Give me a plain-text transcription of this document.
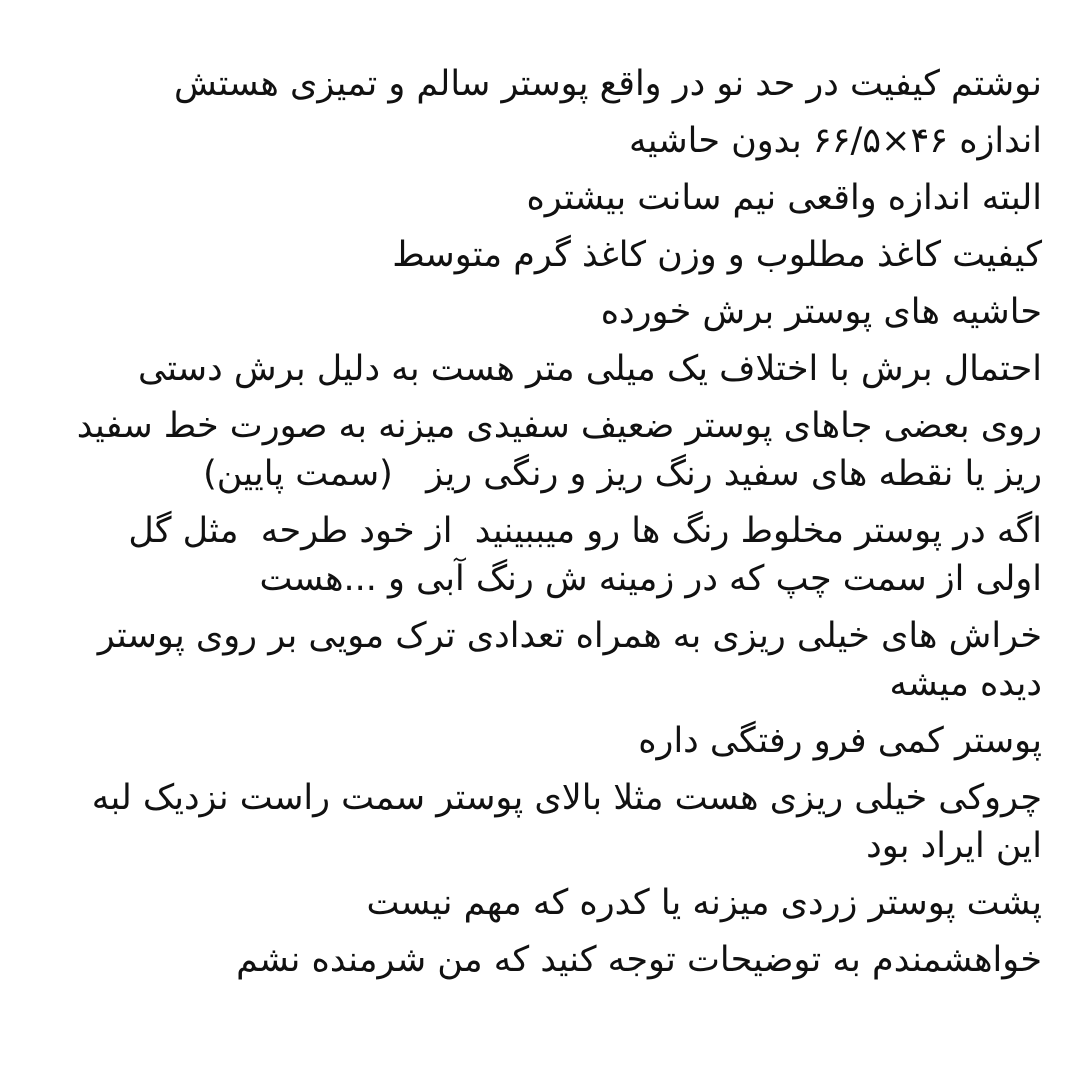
نوشتم کیفیت در حد نو در واقع پوستر سالم و تمیزی هستش

اندازه ۴۶×۶۶/۵ بدون حاشیه

البته اندازه واقعی نیم سانت بیشتره

کیفیت کاغذ مطلوب و وزن کاغذ گرم متوسط

حاشیه های پوستر برش خورده

احتمال برش با اختلاف یک میلی متر هست به دلیل برش دستی

روی بعضی جاهای پوستر ضعیف سفیدی میزنه به صورت خط سفید
ریز یا نقطه های سفید رنگ ریز و رنگی ریز   (سمت پایین)

اگه در پوستر مخلوط رنگ ها رو میببینید  از خود طرحه  مثل گل
اولی از سمت چپ که در زمینه ش رنگ آبی و ...هست

خراش های خیلی ریزی به همراه تعدادی ترک مویی بر روی پوستر
دیده میشه

پوستر کمی فرو رفتگی داره

چروکی خیلی ریزی هست مثلا بالای پوستر سمت راست نزدیک لبه
این ایراد بود

پشت پوستر زردی میزنه یا کدره که مهم نیست

خواهشمندم به توضیحات توجه کنید که من شرمنده نشم
